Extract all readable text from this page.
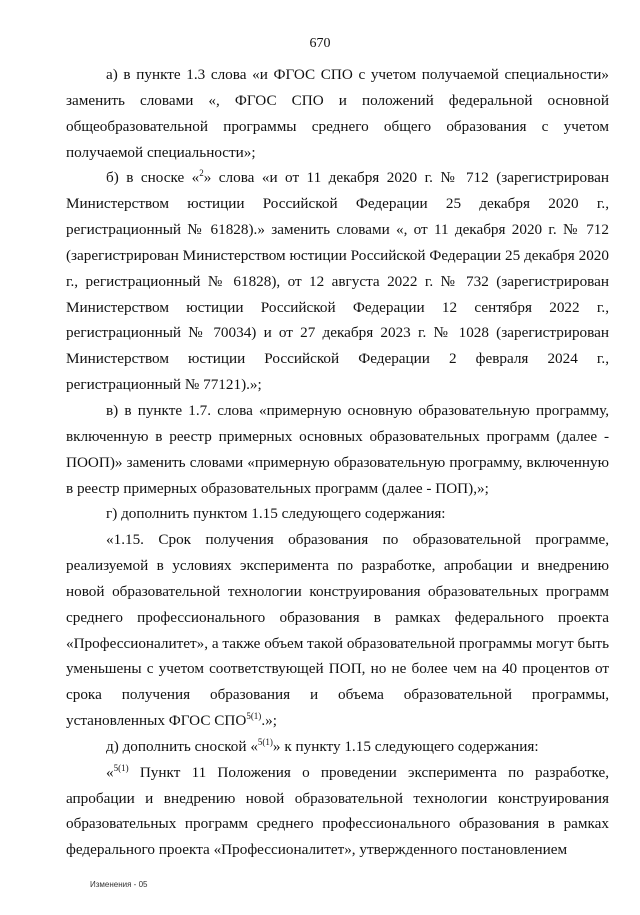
670

а) в пункте 1.3 слова «и ФГОС СПО с учетом получаемой специальности» заменить словами «, ФГОС СПО и положений федеральной основной общеобразовательной программы среднего общего образования с учетом получаемой специальности»;

б) в сноске «$^2$» слова «и от 11 декабря 2020 г. № 712 (зарегистрирован Министерством юстиции Российской Федерации 25 декабря 2020 г., регистрационный № 61828).» заменить словами «, от 11 декабря 2020 г. № 712 (зарегистрирован Министерством юстиции Российской Федерации 25 декабря 2020 г., регистрационный № 61828), от 12 августа 2022 г. № 732 (зарегистрирован Министерством юстиции Российской Федерации 12 сентября 2022 г., регистрационный № 70034) и от 27 декабря 2023 г. № 1028 (зарегистрирован Министерством юстиции Российской Федерации 2 февраля 2024 г., регистрационный № 77121).»;

в) в пункте 1.7. слова «примерную основную образовательную программу, включенную в реестр примерных основных образовательных программ (далее - ПООП)» заменить словами «примерную образовательную программу, включенную в реестр примерных образовательных программ (далее - ПОП),»;

г) дополнить пунктом 1.15 следующего содержания:

«1.15. Срок получения образования по образовательной программе, реализуемой в условиях эксперимента по разработке, апробации и внедрению новой образовательной технологии конструирования образовательных программ среднего профессионального образования в рамках федерального проекта «Профессионалитет», а также объем такой образовательной программы могут быть уменьшены с учетом соответствующей ПОП, но не более чем на 40 процентов от срока получения образования и объема образовательной программы, установленных ФГОС $СПО^{5(1)}$.»;

д) дополнить сноской «$^{5(1)}$» к пункту 1.15 следующего содержания:

«$^{5(1)}$ Пункт 11 Положения о проведении эксперимента по разработке, апробации и внедрению новой образовательной технологии конструирования образовательных программ среднего профессионального образования в рамках федерального проекта «Профессионалитет», утвержденного постановлением

Изменения - 05
